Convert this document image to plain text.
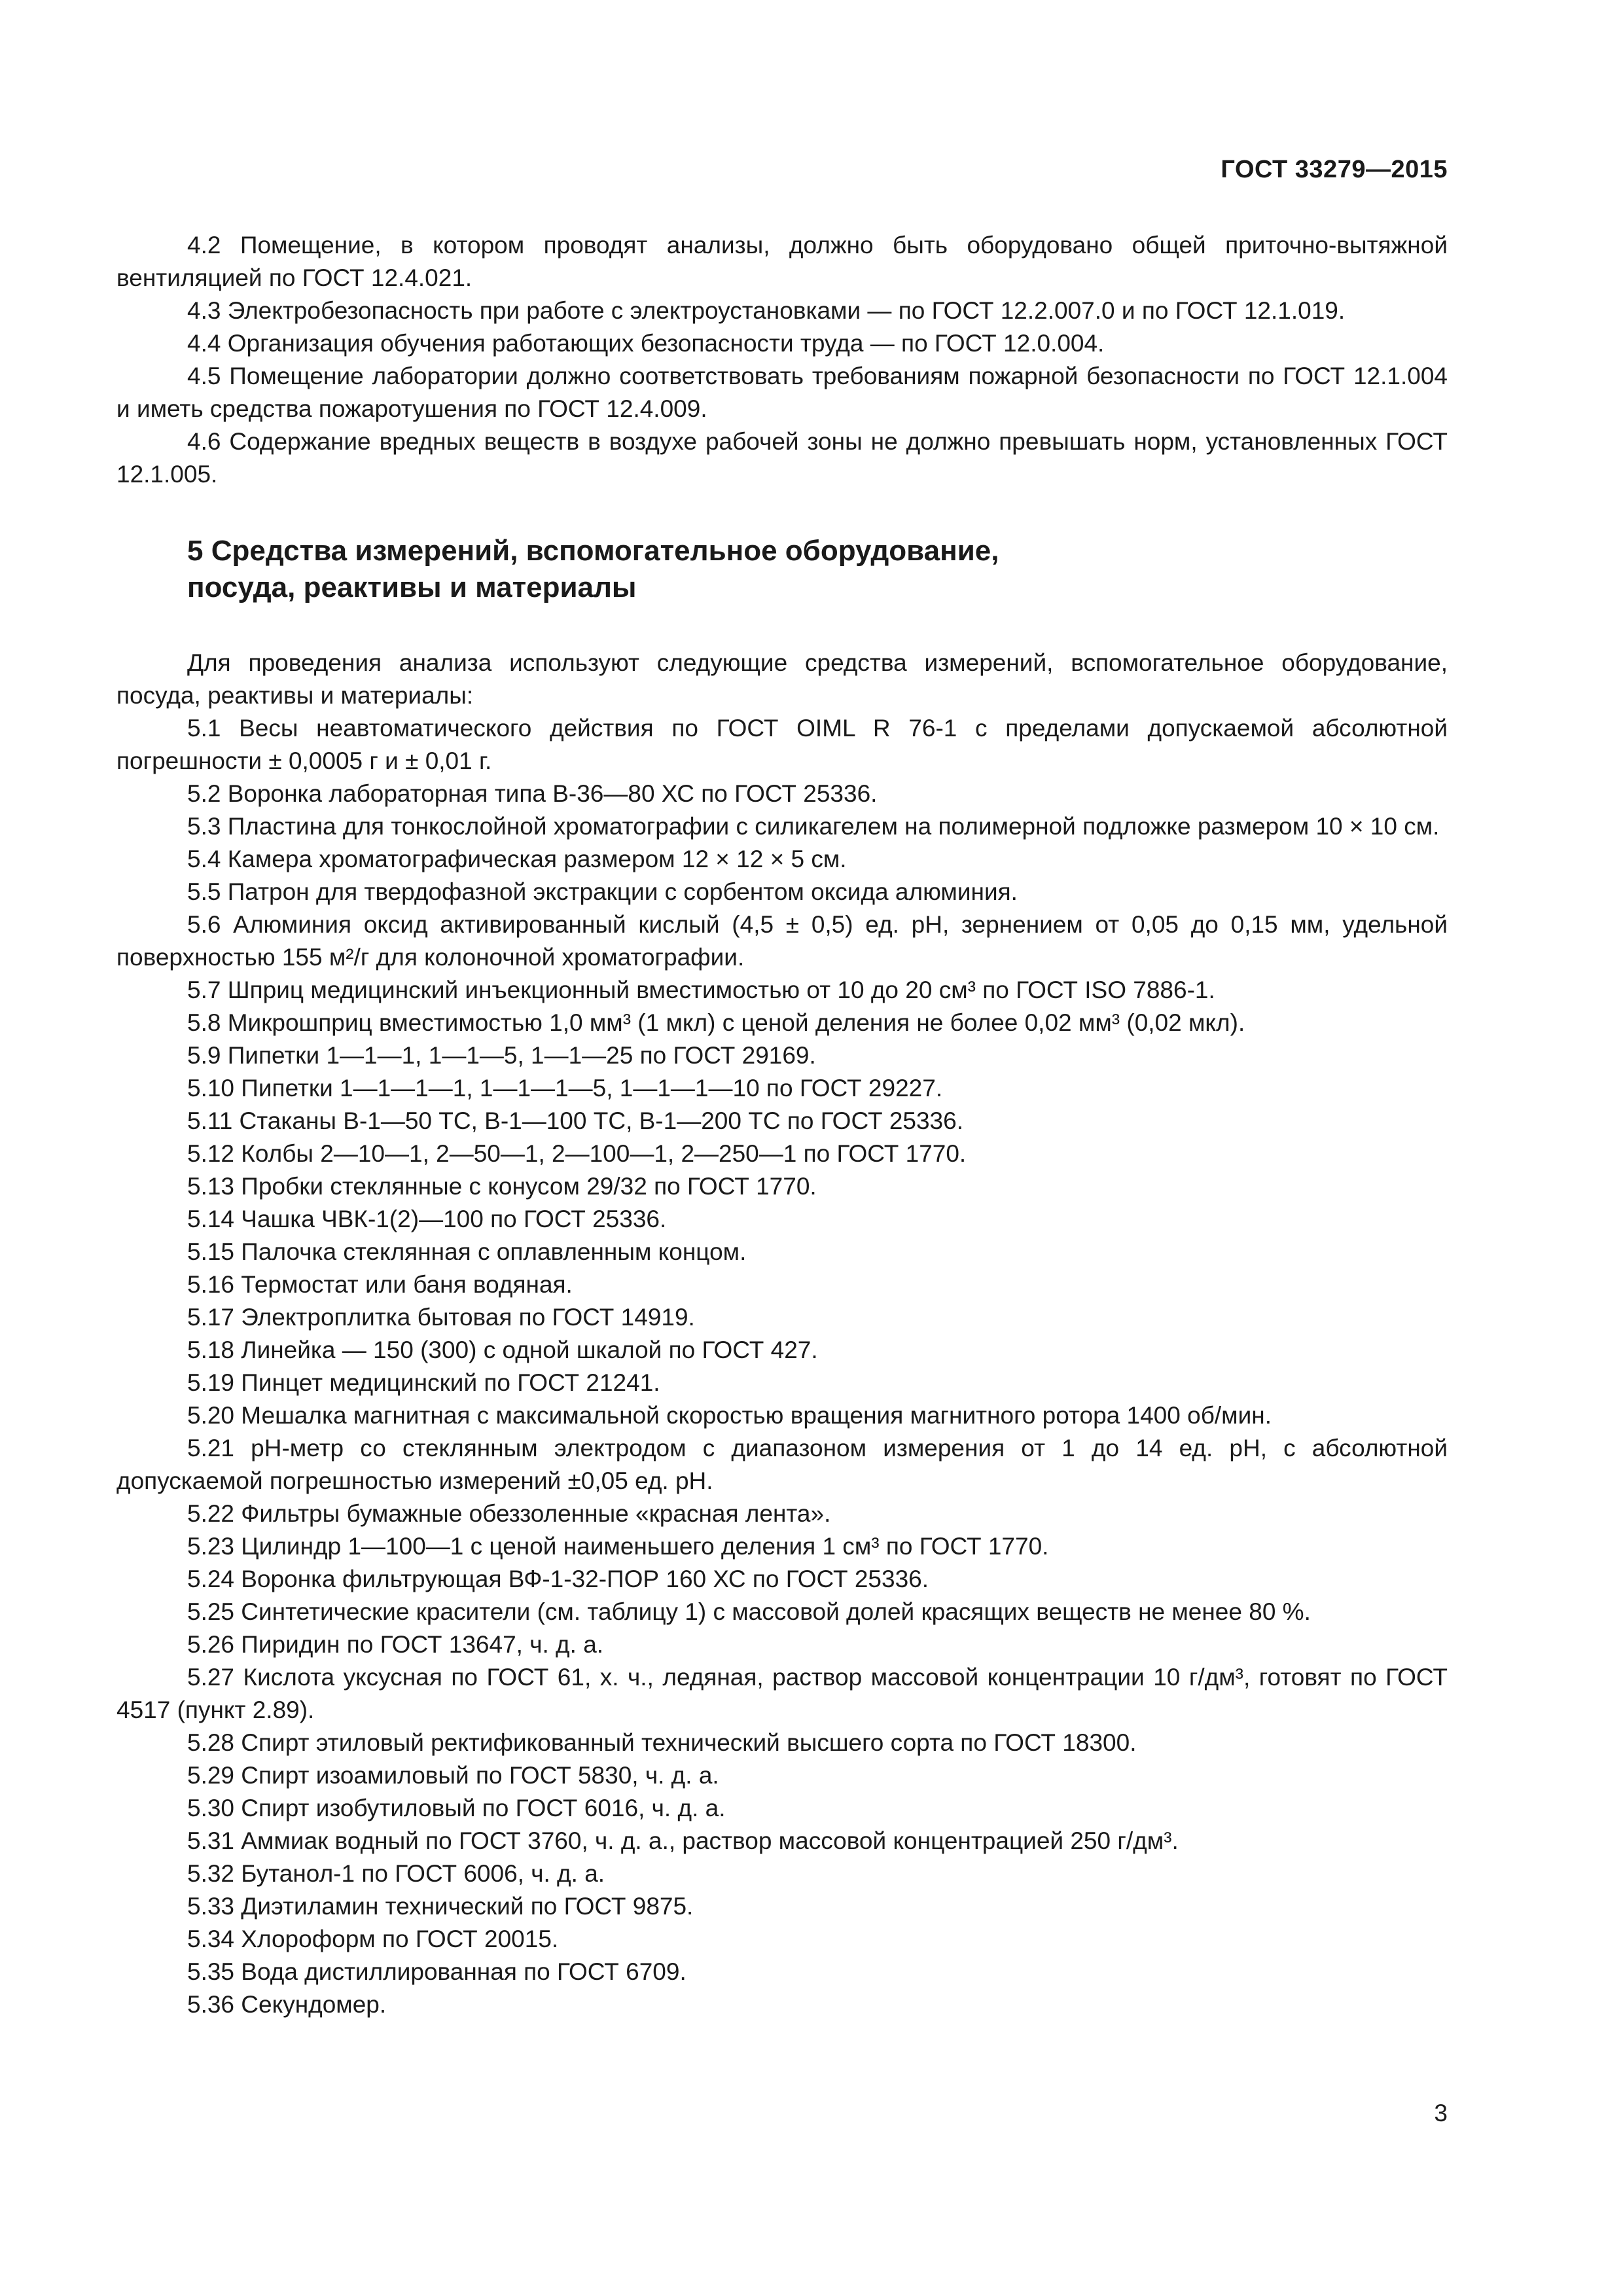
ГОСТ 33279—2015

4.2 Помещение, в котором проводят анализы, должно быть оборудовано общей приточно-вытяжной вентиляцией по ГОСТ 12.4.021.

4.3 Электробезопасность при работе с электроустановками — по ГОСТ 12.2.007.0 и по ГОСТ 12.1.019.

4.4 Организация обучения работающих безопасности труда — по ГОСТ 12.0.004.

4.5 Помещение лаборатории должно соответствовать требованиям пожарной безопасности по ГОСТ 12.1.004 и иметь средства пожаротушения по ГОСТ 12.4.009.

4.6 Содержание вредных веществ в воздухе рабочей зоны не должно превышать норм, установленных ГОСТ 12.1.005.

5 Средства измерений, вспомогательное оборудование,
посуда, реактивы и материалы

Для проведения анализа используют следующие средства измерений, вспомогательное оборудование, посуда, реактивы и материалы:

5.1 Весы неавтоматического действия по ГОСТ OIML R 76-1 с пределами допускаемой абсолютной погрешности ± 0,0005 г и ± 0,01 г.

5.2 Воронка лабораторная типа В-36—80 ХС по ГОСТ 25336.

5.3 Пластина для тонкослойной хроматографии с силикагелем на полимерной подложке размером 10 × 10 см.

5.4 Камера хроматографическая размером 12 × 12 × 5 см.

5.5 Патрон для твердофазной экстракции с сорбентом оксида алюминия.

5.6 Алюминия оксид активированный кислый (4,5 ± 0,5) ед. pH, зернением от 0,05 до 0,15 мм, удельной поверхностью 155 м²/г для колоночной хроматографии.

5.7 Шприц медицинский инъекционный вместимостью от 10 до 20 см³ по ГОСТ ISO 7886-1.

5.8 Микрошприц вместимостью 1,0 мм³ (1 мкл) с ценой деления не более 0,02 мм³ (0,02 мкл).

5.9 Пипетки 1—1—1, 1—1—5, 1—1—25 по ГОСТ 29169.

5.10 Пипетки 1—1—1—1, 1—1—1—5, 1—1—1—10 по ГОСТ 29227.

5.11 Стаканы В-1—50 ТС, В-1—100 ТС, В-1—200 ТС по ГОСТ 25336.

5.12 Колбы 2—10—1, 2—50—1, 2—100—1, 2—250—1 по ГОСТ 1770.

5.13 Пробки стеклянные с конусом 29/32 по ГОСТ 1770.

5.14 Чашка ЧВК-1(2)—100 по ГОСТ 25336.

5.15 Палочка стеклянная с оплавленным концом.

5.16 Термостат или баня водяная.

5.17 Электроплитка бытовая по ГОСТ 14919.

5.18 Линейка — 150 (300) с одной шкалой по ГОСТ 427.

5.19 Пинцет медицинский по ГОСТ 21241.

5.20 Мешалка магнитная с максимальной скоростью вращения магнитного ротора 1400 об/мин.

5.21 pH-метр со стеклянным электродом с диапазоном измерения от 1 до 14 ед. pH, с абсолютной допускаемой погрешностью измерений ±0,05 ед. pH.

5.22 Фильтры бумажные обеззоленные «красная лента».

5.23 Цилиндр 1—100—1 с ценой наименьшего деления 1 см³ по ГОСТ 1770.

5.24 Воронка фильтрующая ВФ-1-32-ПОР 160 ХС по ГОСТ 25336.

5.25 Синтетические красители (см. таблицу 1) с массовой долей красящих веществ не менее 80 %.

5.26 Пиридин по ГОСТ 13647, ч. д. а.

5.27 Кислота уксусная по ГОСТ 61, х. ч., ледяная, раствор массовой концентрации 10 г/дм³, готовят по ГОСТ 4517 (пункт 2.89).

5.28 Спирт этиловый ректификованный технический высшего сорта по ГОСТ 18300.

5.29 Спирт изоамиловый по ГОСТ 5830, ч. д. а.

5.30 Спирт изобутиловый по ГОСТ 6016, ч. д. а.

5.31 Аммиак водный по ГОСТ 3760, ч. д. а., раствор массовой концентрацией 250 г/дм³.

5.32 Бутанол-1 по ГОСТ 6006, ч. д. а.

5.33 Диэтиламин технический по ГОСТ 9875.

5.34 Хлороформ по ГОСТ 20015.

5.35 Вода дистиллированная по ГОСТ 6709.

5.36 Секундомер.

3
